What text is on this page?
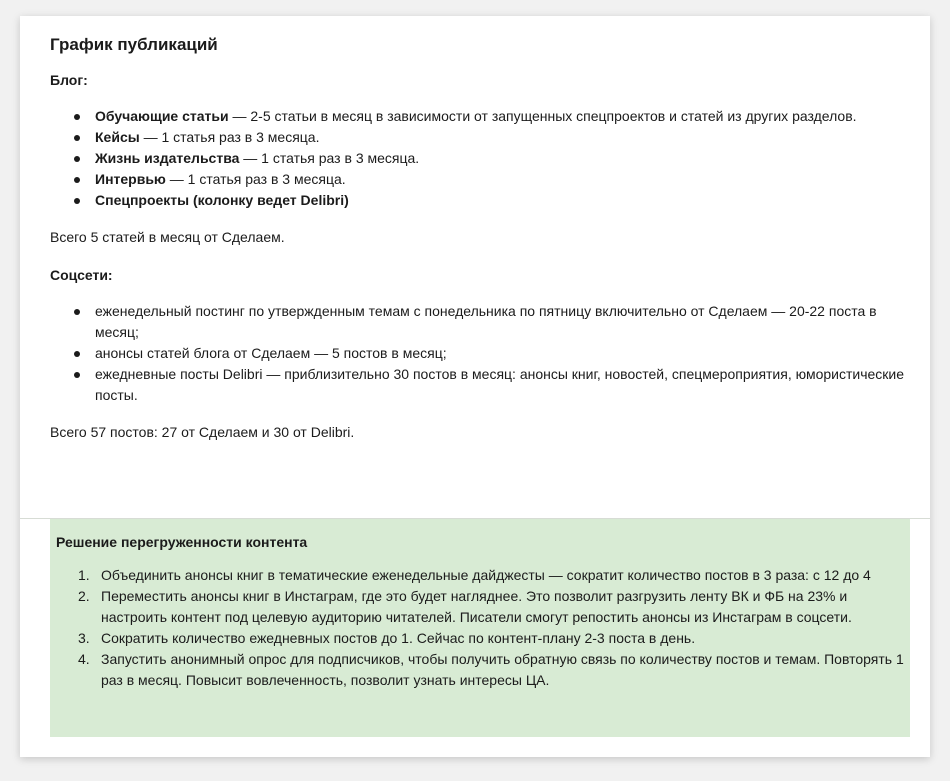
График публикаций
Блог:
Обучающие статьи — 2-5 статьи в месяц в зависимости от запущенных спецпроектов и статей из других разделов.
Кейсы — 1 статья раз в 3 месяца.
Жизнь издательства — 1 статья раз в 3 месяца.
Интервью — 1 статья раз в 3 месяца.
Спецпроекты (колонку ведет Delibri)
Всего 5 статей в месяц от Сделаем.
Соцсети:
еженедельный постинг по утвержденным темам с понедельника по пятницу включительно от Сделаем — 20-22 поста в месяц;
анонсы статей блога от Сделаем — 5 постов в месяц;
ежедневные посты Delibri — приблизительно 30 постов в месяц: анонсы книг, новостей, спецмероприятия, юмористические посты.
Всего 57 постов: 27 от Сделаем и 30 от Delibri.
Решение перегруженности контента
1. Объединить анонсы книг в тематические еженедельные дайджесты — сократит количество постов в 3 раза: с 12 до 4
2. Переместить анонсы книг в Инстаграм, где это будет нагляднее. Это позволит разгрузить ленту ВК и ФБ на 23% и настроить контент под целевую аудиторию читателей. Писатели смогут репостить анонсы из Инстаграм в соцсети.
3. Сократить количество ежедневных постов до 1. Сейчас по контент-плану 2-3 поста в день.
4. Запустить анонимный опрос для подписчиков, чтобы получить обратную связь по количеству постов и темам. Повторять 1 раз в месяц. Повысит вовлеченность, позволит узнать интересы ЦА.
